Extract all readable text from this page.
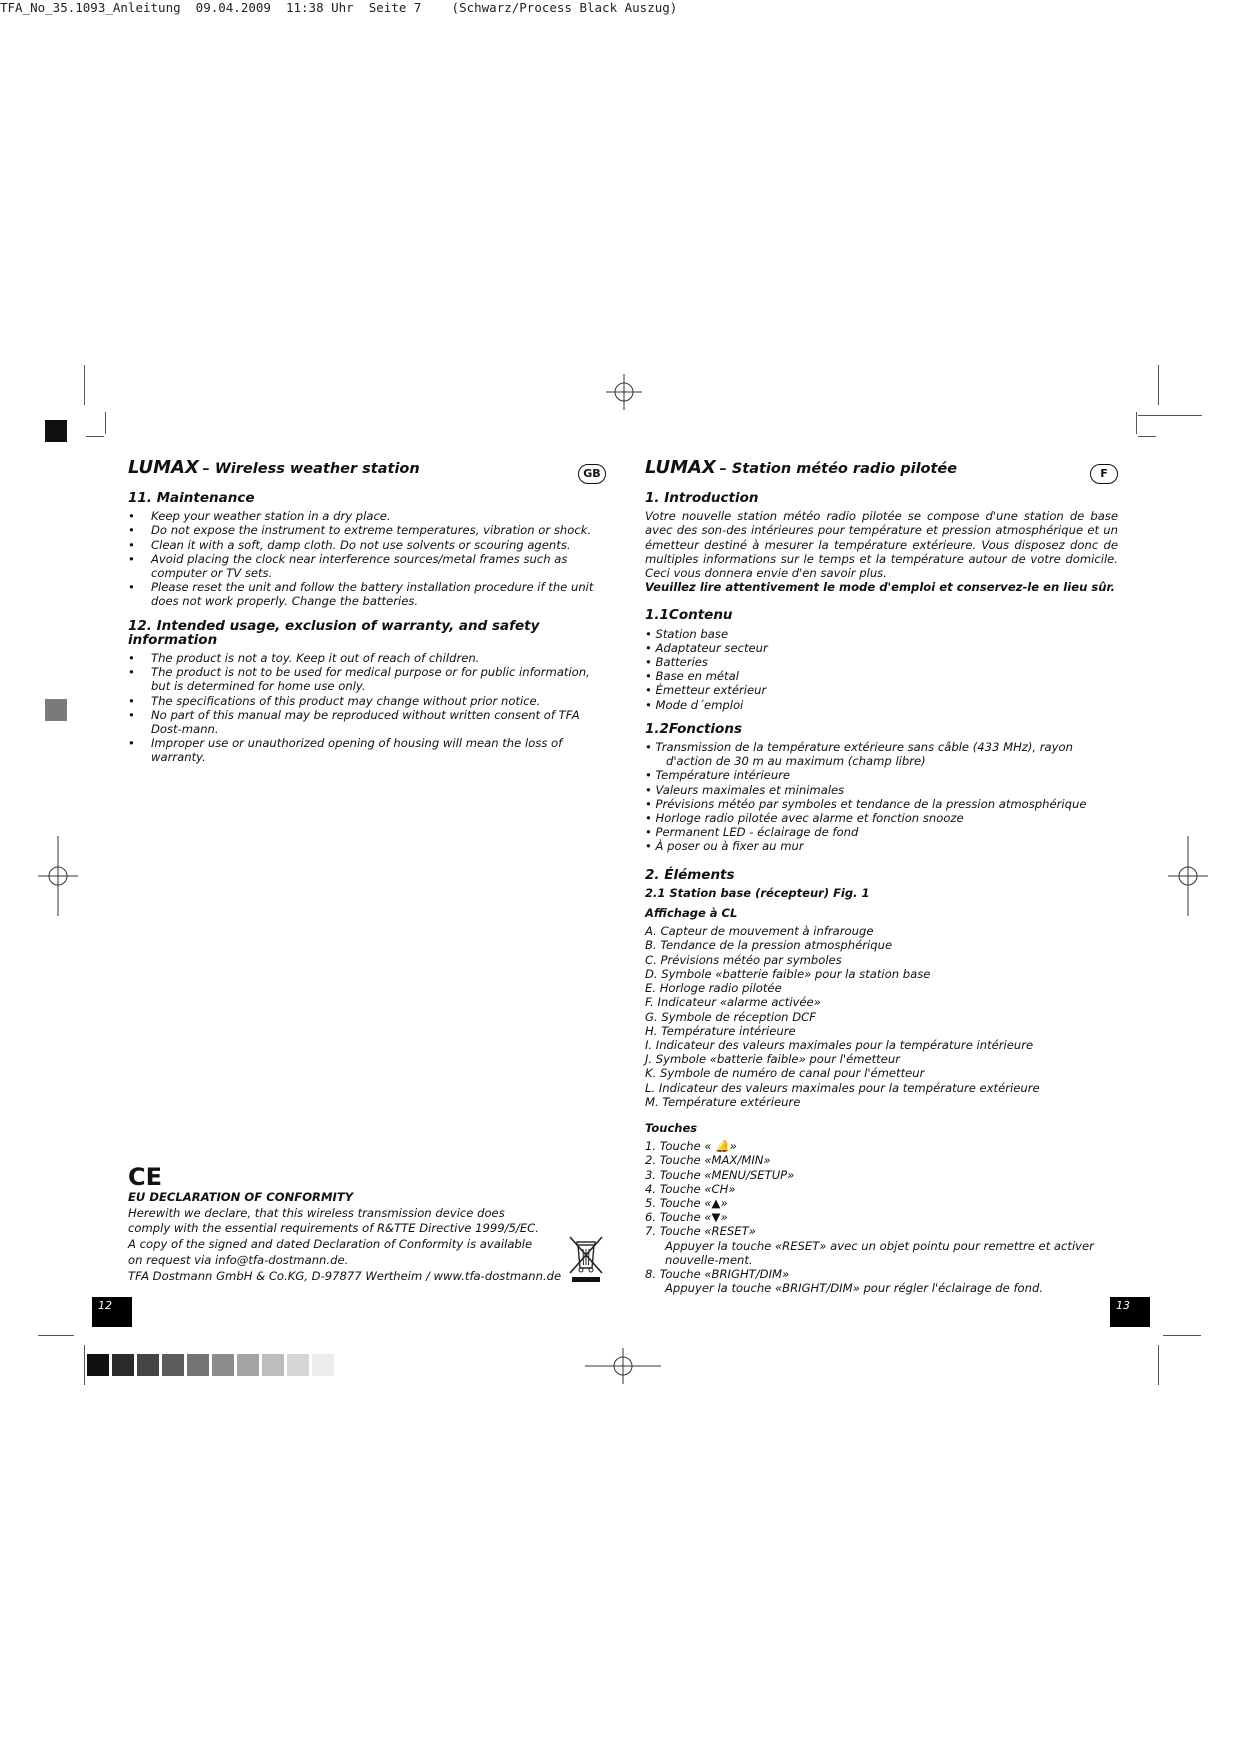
TFA_No_35.1093_Anleitung  09.04.2009  11:38 Uhr  Seite 7    (Schwarz/Process Black Auszug)
LUMAX – Wireless weather station	GB
11. Maintenance
• Keep your weather station in a dry place.
• Do not expose the instrument to extreme temperatures, vibration or shock.
• Clean it with a soft, damp cloth. Do not use solvents or scouring agents.
• Avoid placing the clock near interference sources/metal frames such as computer or TV sets.
• Please reset the unit and follow the battery installation procedure if the unit does not work properly. Change the batteries.
12. Intended usage, exclusion of warranty, and safety information
• The product is not a toy. Keep it out of reach of children.
• The product is not to be used for medical purpose or for public information, but is determined for home use only.
• The specifications of this product may change without prior notice.
• No part of this manual may be reproduced without written consent of TFA Dost-mann.
• Improper use or unauthorized opening of housing will mean the loss of warranty.
CE
EU DECLARATION OF CONFORMITY
Herewith we declare, that this wireless transmission device does
comply with the essential requirements of R&TTE Directive 1999/5/EC.
A copy of the signed and dated Declaration of Conformity is available
on request via info@tfa-dostmann.de.
TFA Dostmann GmbH & Co.KG, D-97877 Wertheim / www.tfa-dostmann.de
LUMAX – Station météo radio pilotée	F
1. Introduction

Votre nouvelle station météo radio pilotée se compose d'une station de base avec des son-des intérieures pour température et pression atmosphérique et un émetteur destiné à mesurer la température extérieure. Vous disposez donc de multiples informations sur le temps et la température autour de votre domicile. Ceci vous donnera envie d'en savoir plus.

Veuillez lire attentivement le mode d'emploi et conservez-le en lieu sûr.

1.1Contenu
• Station base
• Adaptateur secteur
• Batteries
• Base en métal
• Émetteur extérieur
• Mode d´emploi
1.2Fonctions
• Transmission de la température extérieure sans câble (433 MHz), rayon d'action de 30 m au maximum (champ libre)
• Température intérieure
• Valeurs maximales et minimales
• Prévisions météo par symboles et tendance de la pression atmosphérique
• Horloge radio pilotée avec alarme et fonction snooze
• Permanent LED - éclairage de fond
• À poser ou à fixer au mur
2. Éléments
2.1 Station base (récepteur) Fig. 1
Affichage à CL
A. Capteur de mouvement à infrarouge
B. Tendance de la pression atmosphérique
C. Prévisions météo par symboles
D. Symbole «batterie faible» pour la station base
E. Horloge radio pilotée
F. Indicateur «alarme activée»
G. Symbole de réception DCF
H. Température intérieure
I. Indicateur des valeurs maximales pour la température intérieure
J. Symbole «batterie faible» pour l'émetteur
K. Symbole de numéro de canal pour l'émetteur
L. Indicateur des valeurs maximales pour la température extérieure
M. Température extérieure
Touches
1. Touche « 🔔»
2. Touche «MAX/MIN»
3. Touche «MENU/SETUP»
4. Touche «CH»
5. Touche «▲»
6. Touche «▼»
7. Touche «RESET»
Appuyer la touche «RESET» avec un objet pointu pour remettre et activer nouvelle-ment.
8. Touche «BRIGHT/DIM»
Appuyer la touche «BRIGHT/DIM» pour régler l'éclairage de fond.
12	13
